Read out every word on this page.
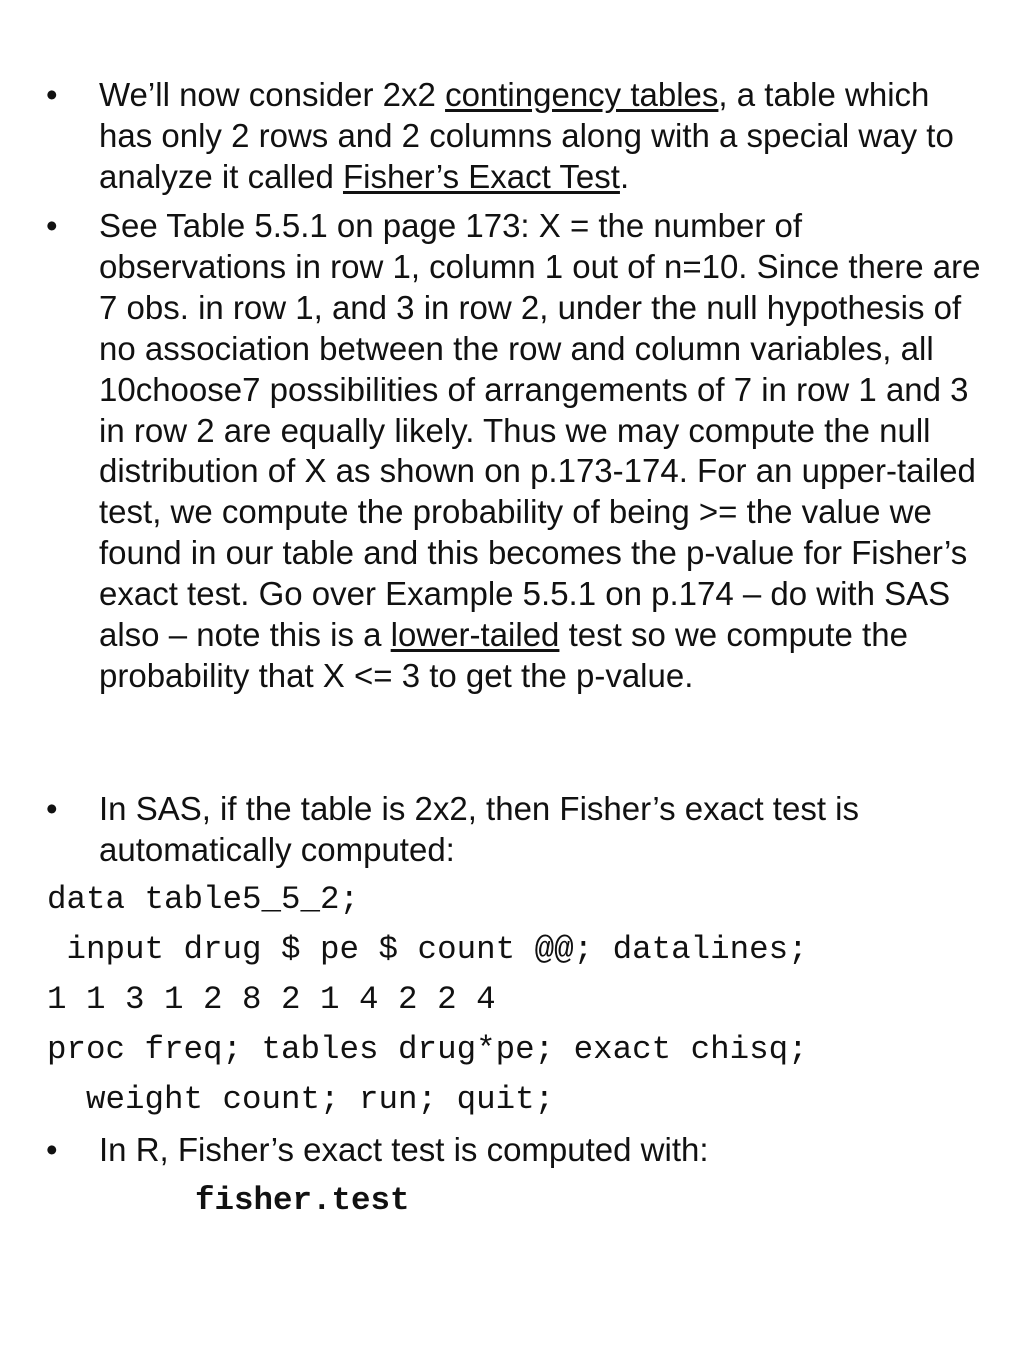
•	We’ll now consider 2x2 contingency tables, a table which has only 2 rows and 2 columns along with a special way to analyze it called Fisher’s Exact Test.
•	See Table 5.5.1 on page 173: X = the number of observations in row 1, column 1 out of n=10. Since there are 7 obs. in row 1, and 3 in row 2, under the null hypothesis of no association between the row and column variables, all 10choose7 possibilities of arrangements of 7 in row 1 and 3 in row 2 are equally likely. Thus we may compute the null distribution of X as shown on p.173-174. For an upper-tailed test, we compute the probability of being >= the value we found in our table and this becomes the p-value for Fisher’s exact test. Go over Example 5.5.1 on p.174 – do with SAS also – note this is a lower-tailed test so we compute the probability that X <= 3 to get the p-value.
•	In SAS, if the table is 2x2, then Fisher’s exact test is automatically computed:
data table5_5_2;
input drug $ pe $ count @@; datalines;
1 1 3 1 2 8 2 1 4 2 2 4
proc freq; tables drug*pe; exact chisq;
weight count; run; quit;
•	In R, Fisher’s exact test is computed with:
fisher.test
